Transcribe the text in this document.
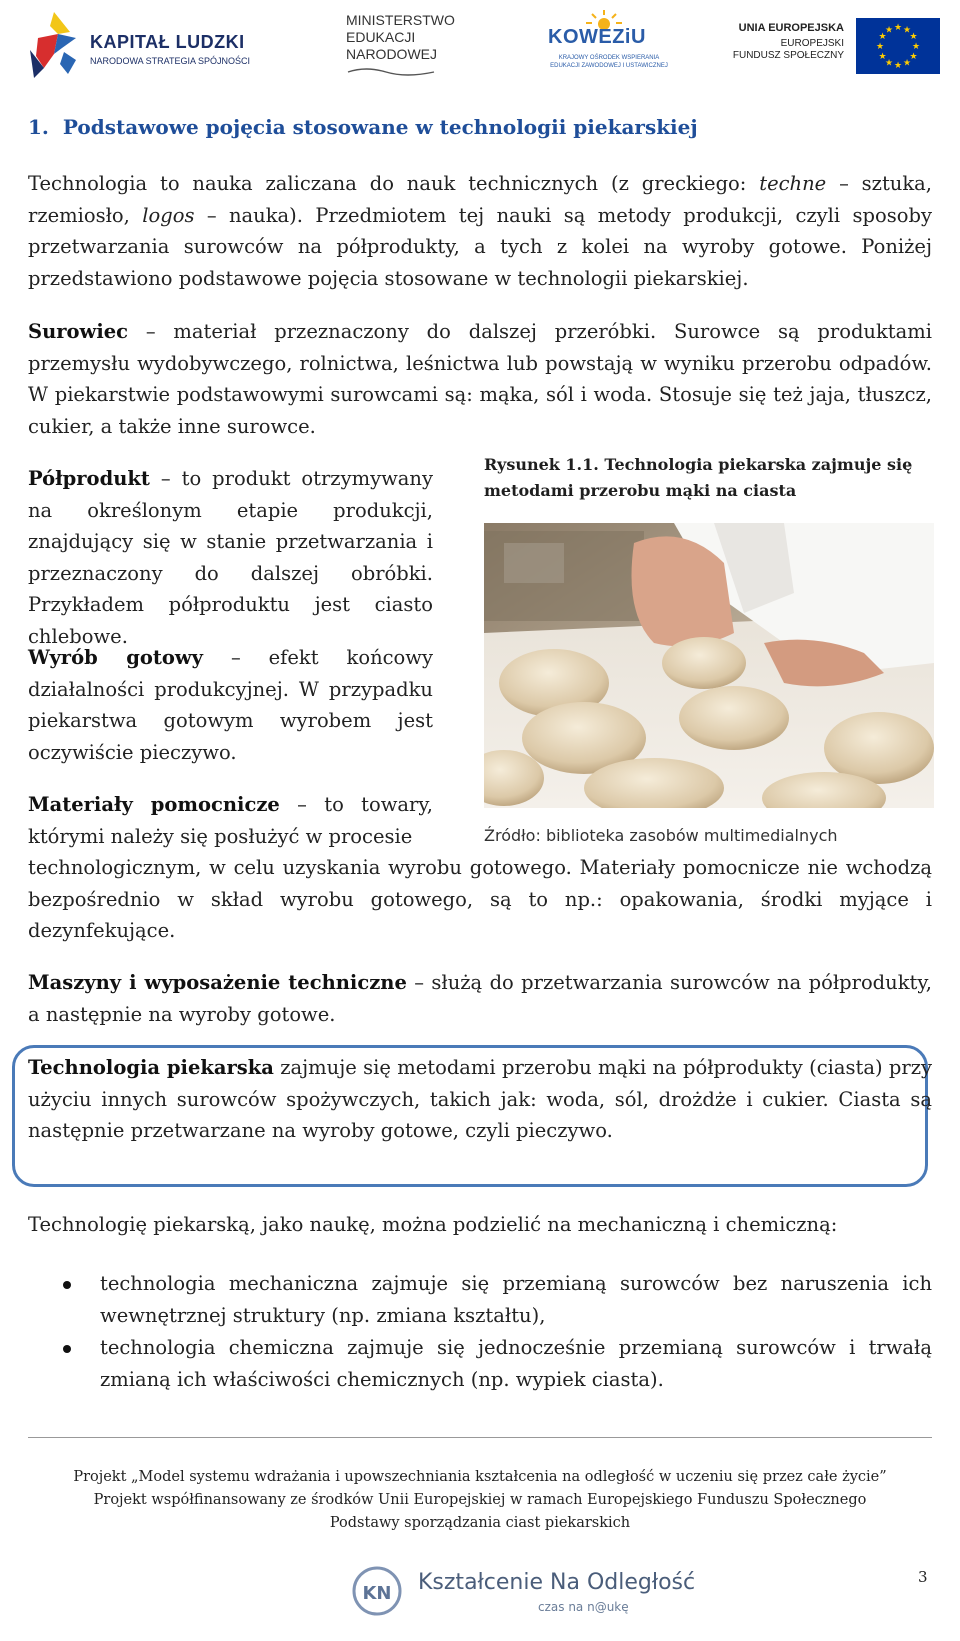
KAPITAŁ LUDZKI
NARODOWA STRATEGIA SPÓJNOŚCI
MINISTERSTWO
EDUKACJI
NARODOWEJ
KOWEZiU
KRAJOWY OŚRODEK WSPIERANIA EDUKACJI ZAWODOWEJ I USTAWICZNEJ
UNIA EUROPEJSKA
EUROPEJSKI
FUNDUSZ SPOŁECZNY
★ ★
★
★
★
★
★
★
★
★
★
★
1. Podstawowe pojęcia stosowane w technologii piekarskiej
Technologia to nauka zaliczana do nauk technicznych (z greckiego: techne – sztuka, rzemiosło, logos – nauka). Przedmiotem tej nauki są metody produkcji, czyli sposoby przetwarzania surowców na półprodukty, a tych z kolei na wyroby gotowe. Poniżej przedstawiono podstawowe pojęcia stosowane w technologii piekarskiej.
Surowiec – materiał przeznaczony do dalszej przeróbki. Surowce są produktami przemysłu wydobywczego, rolnictwa, leśnictwa lub powstają w wyniku przerobu odpadów. W piekarstwie podstawowymi surowcami są: mąka, sól i woda. Stosuje się też jaja, tłuszcz, cukier, a także inne surowce.
Półprodukt – to produkt otrzymywany na określonym etapie produkcji, znajdujący się w stanie przetwarzania i przeznaczony do dalszej obróbki. Przykładem półproduktu jest ciasto chlebowe.
Wyrób gotowy – efekt końcowy działalności produkcyjnej. W przypadku piekarstwa gotowym wyrobem jest oczywiście pieczywo.
Materiały pomocnicze – to towary, którymi należy się posłużyć w procesie
technologicznym, w celu uzyskania wyrobu gotowego. Materiały pomocnicze nie wchodzą bezpośrednio w skład wyrobu gotowego, są to np.: opakowania, środki myjące i dezynfekujące.
Maszyny i wyposażenie techniczne – służą do przetwarzania surowców na półprodukty, a następnie na wyroby gotowe.
Rysunek 1.1. Technologia piekarska zajmuje się metodami przerobu mąki na ciasta
Źródło: biblioteka zasobów multimedialnych
Technologia piekarska zajmuje się metodami przerobu mąki na półprodukty (ciasta) przy użyciu innych surowców spożywczych, takich jak: woda, sól, drożdże i cukier. Ciasta są następnie przetwarzane na wyroby gotowe, czyli pieczywo.
Technologię piekarską, jako naukę, można podzielić na mechaniczną i chemiczną:
technologia mechaniczna zajmuje się przemianą surowców bez naruszenia ich wewnętrznej struktury (np. zmiana kształtu),
technologia chemiczna zajmuje się jednocześnie przemianą surowców i trwałą zmianą ich właściwości chemicznych (np. wypiek ciasta).
Projekt „Model systemu wdrażania i upowszechniania kształcenia na odległość w uczeniu się przez całe życie”
Projekt współfinansowany ze środków Unii Europejskiej w ramach Europejskiego Funduszu Społecznego
Podstawy sporządzania ciast piekarskich
3
KN Kształcenie Na Odległość
czas na n@ukę
